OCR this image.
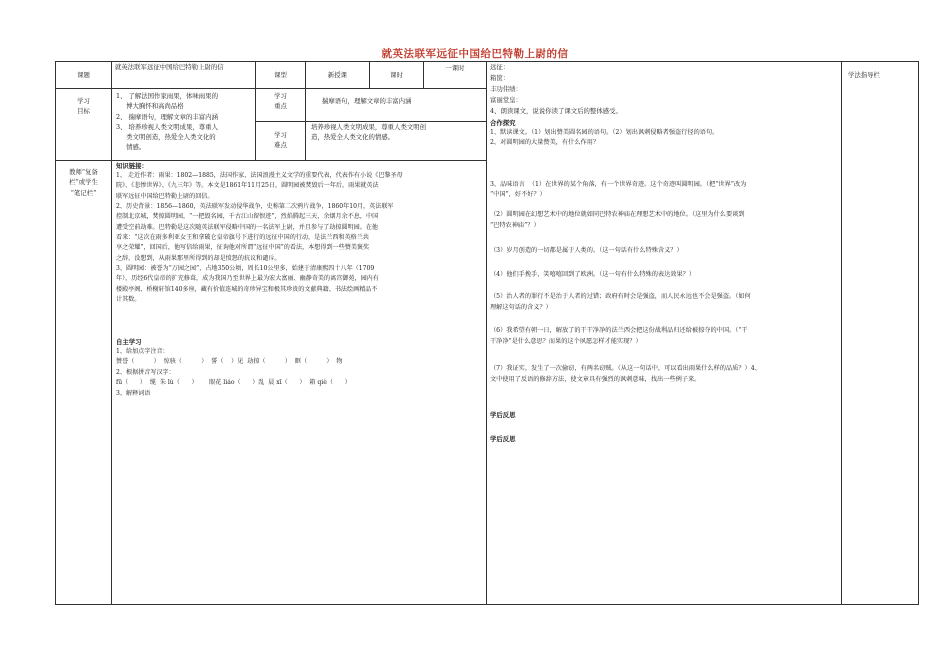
就英法联军远征中国给巴特勒上尉的信
课题

就英法联军远征中国给巴特勒上尉的信

课型	新授课	课时
一课时
学习
目标
1、 了解法国作家雨果，体味雨果的
博大胸怀和高尚品格
2、 揣摩语句，理解文章的丰富内涵
3、 培养珍视人类文明成果，尊重人
类文明创造，热爱全人类文化的
情感。
学习
重点
揣摩语句，理解文章的丰富内涵
学习
难点
培养珍视人类文明成果，尊重人类文明创
造，热爱全人类文化的情感。
教师“复备
栏”或学生
“笔记栏”
知识链接：
1、 走近作者：雨果：1802—1885，法国作家，法国浪漫主义文学的重要代表，代表作有小说《巴黎圣母
院》、《悲惨世界》、《九三年》等。本文是1861年11月25日，圆明园被焚毁后一年后，雨果就英法
联军远征中国给巴特勒上尉的回信。
2、历史背景：1856—1860，英法联军发动侵华战争，史称第二次鸦片战争，1860年10月，英法联军
控制北京城，焚掠圆明园，“一把毁名园，千古江山留恨迹”，烈焰腾起三天，余烟月余不息，中国
遭受空前劫难。巴特勒是这次随英法联军侵略中国的一名法军上尉，并且参与了劫掠圆明园。在他
看来：“这次在雨多利亚女王和拿破仑皇帝旗号下进行的远征中国的行动，是法兰西和英格兰共
享之荣耀”，回国后，他写信给雨果，征询他对所谓“远征中国”的看法，本想得到一些赞美褒奖
之辞，没想到，从雨果那里所得到的却是愤怒的抗议和谴斥。
3、圆明园：被誉为“万园之园”，占地350公顷，周长10公里多，始建于清康熙四十八年（1709
年），历经6代皇帝的扩充修葺，成为我国乃至世界上最为宏大富丽、幽静奇美的离宫御苑，园内有
楼殿亭阁、桥榭轩馆140多座，藏有价值连城的奇珍异宝和极其珍贵的文献典籍、书法绘画精品不
计其数。
自主学习
1、给加点字注音：
赞誉（          ）  惊骇（          ）  誓（    ）见  劫掠（          ）  眶（          ）  物
2、根据拼音写汉字：
fū（      ）  缆  朱 lù（      ）      眼花 liáo（      ）乱  晨 xī（      ）  箱 qiè（      ）
3、解释词语
远征：
箱筐：
丰功伟绩：
富丽堂皇：
4、朗读课文，说说你读了课文后的整体感受。
合作探究
1、默读课文。（1）划出赞美圆名园的语句。（2）划出讽刺侵略者强盗行径的语句。
2、对圆明园的大量赞美，有什么作用？

3、品味语言  （1）在世界的某个角落，有一个世界奇迹。这个奇迹叫圆明园。（把“世界”改为
“中国”，好不好？）
（2）圆明园在幻想艺术中的地位就如同巴特农神庙在理想艺术中的地位。（这里为什么要谈到
“巴特农神庙”？）
（3）岁月创造的一切都是属于人类的。（这一句话有什么特殊含义？）
（4）他们手挽手，笑嘻嘻回到了欧洲。（这一句有什么特殊的表达效果？）
（5）治人者的罪行不是治于人者的过错；政府有时会是强盗，而人民永远也不会是强盗。（如何
理解这句话的含义？）
（6）我希望有朝一日，解放了的干干净净的法兰西会把这份战利品归还给被掠夺的中国。（“干
干净净”是什么意思？而果的这个夙愿怎样才能实现？）
（7）我证实，发生了一次偷窃，有两名窃贼。（从这一句话中，可以看出雨果什么样的品质？）4、
文中使用了反语的修辞方法，使文章具有强烈的讽刺意味，找出一些例子来。
学后反思
学后反思
学法指导栏
